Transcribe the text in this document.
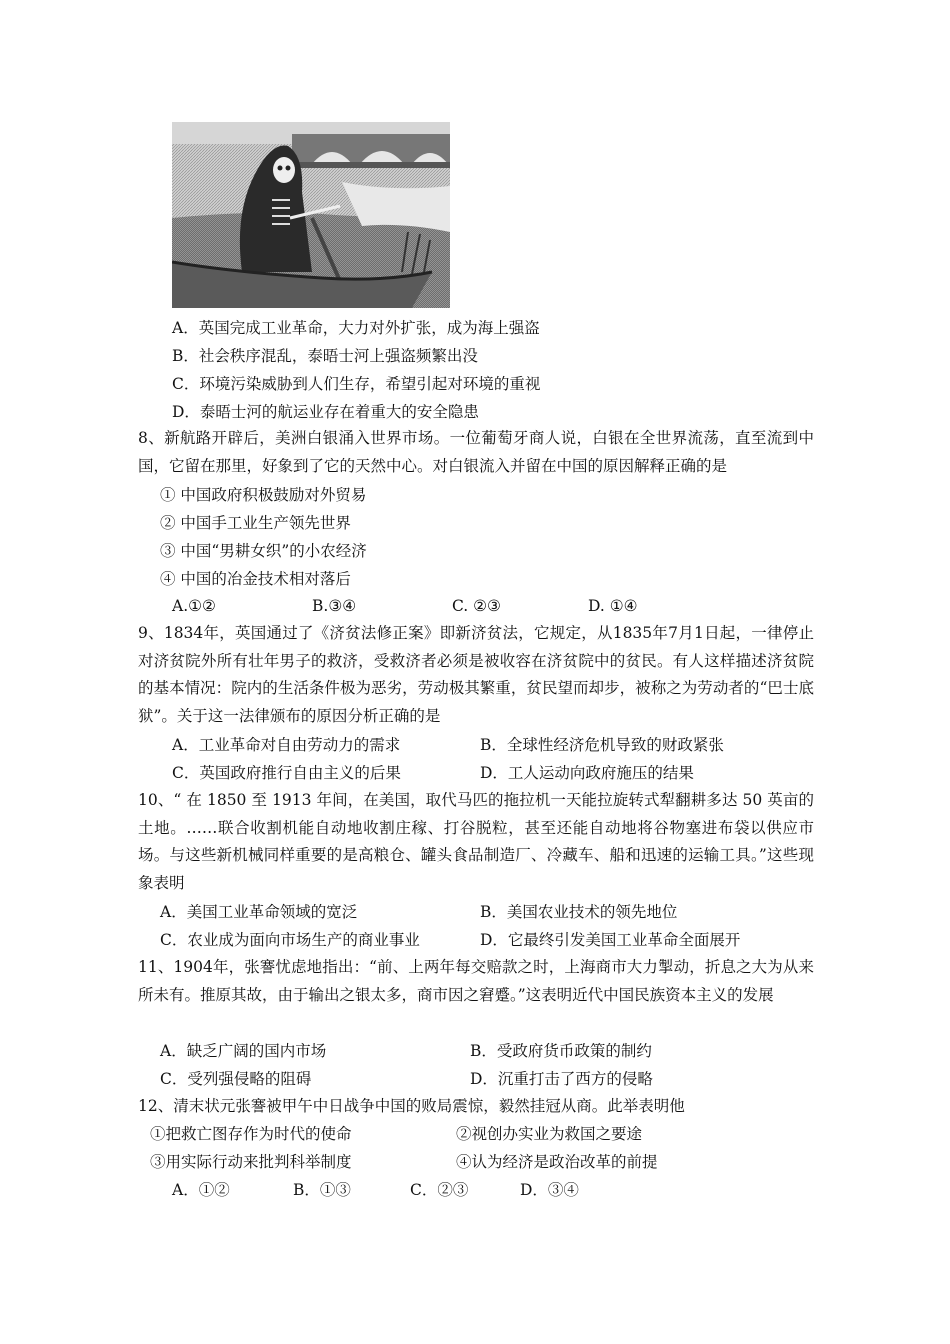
A．英国完成工业革命，大力对外扩张，成为海上强盗
B．社会秩序混乱，泰晤士河上强盗频繁出没
C．环境污染威胁到人们生存，希望引起对环境的重视
D．泰晤士河的航运业存在着重大的安全隐患
8、新航路开辟后，美洲白银涌入世界市场。一位葡萄牙商人说，白银在全世界流荡，直至流到中国，它留在那里，好象到了它的天然中心。对白银流入并留在中国的原因解释正确的是
① 中国政府积极鼓励对外贸易
② 中国手工业生产领先世界
③ 中国“男耕女织”的小农经济
④ 中国的冶金技术相对落后
A.①②	B.③④	C. ②③	D. ①④
9、1834年，英国通过了《济贫法修正案》即新济贫法，它规定，从1835年7月1日起，一律停止对济贫院外所有壮年男子的救济，受救济者必须是被收容在济贫院中的贫民。有人这样描述济贫院的基本情况：院内的生活条件极为恶劣，劳动极其繁重，贫民望而却步，被称之为劳动者的“巴士底狱”。关于这一法律颁布的原因分析正确的是
A．工业革命对自由劳动力的需求	B．全球性经济危机导致的财政紧张
C．英国政府推行自由主义的后果	D．工人运动向政府施压的结果
10、“ 在 1850 至 1913 年间，在美国，取代马匹的拖拉机一天能拉旋转式犁翻耕多达 50 英亩的土地。……联合收割机能自动地收割庄稼、打谷脱粒，甚至还能自动地将谷物塞进布袋以供应市场。与这些新机械同样重要的是高粮仓、罐头食品制造厂、冷藏车、船和迅速的运输工具。”这些现象表明
A．美国工业革命领域的宽泛	B．美国农业技术的领先地位
C．农业成为面向市场生产的商业事业	D．它最终引发美国工业革命全面展开
11、1904年，张謇忧虑地指出：“前、上两年每交赔款之时，上海商市大力掣动，折息之大为从来所未有。推原其故，由于输出之银太多，商市因之窘蹙。”这表明近代中国民族资本主义的发展
A．缺乏广阔的国内市场	B．受政府货币政策的制约
C．受列强侵略的阻碍	D．沉重打击了西方的侵略
12、清末状元张謇被甲午中日战争中国的败局震惊，毅然挂冠从商。此举表明他
①把救亡图存作为时代的使命	②视创办实业为救国之要途
③用实际行动来批判科举制度	④认为经济是政治改革的前提
A．①②	B．①③	C．②③	D．③④
